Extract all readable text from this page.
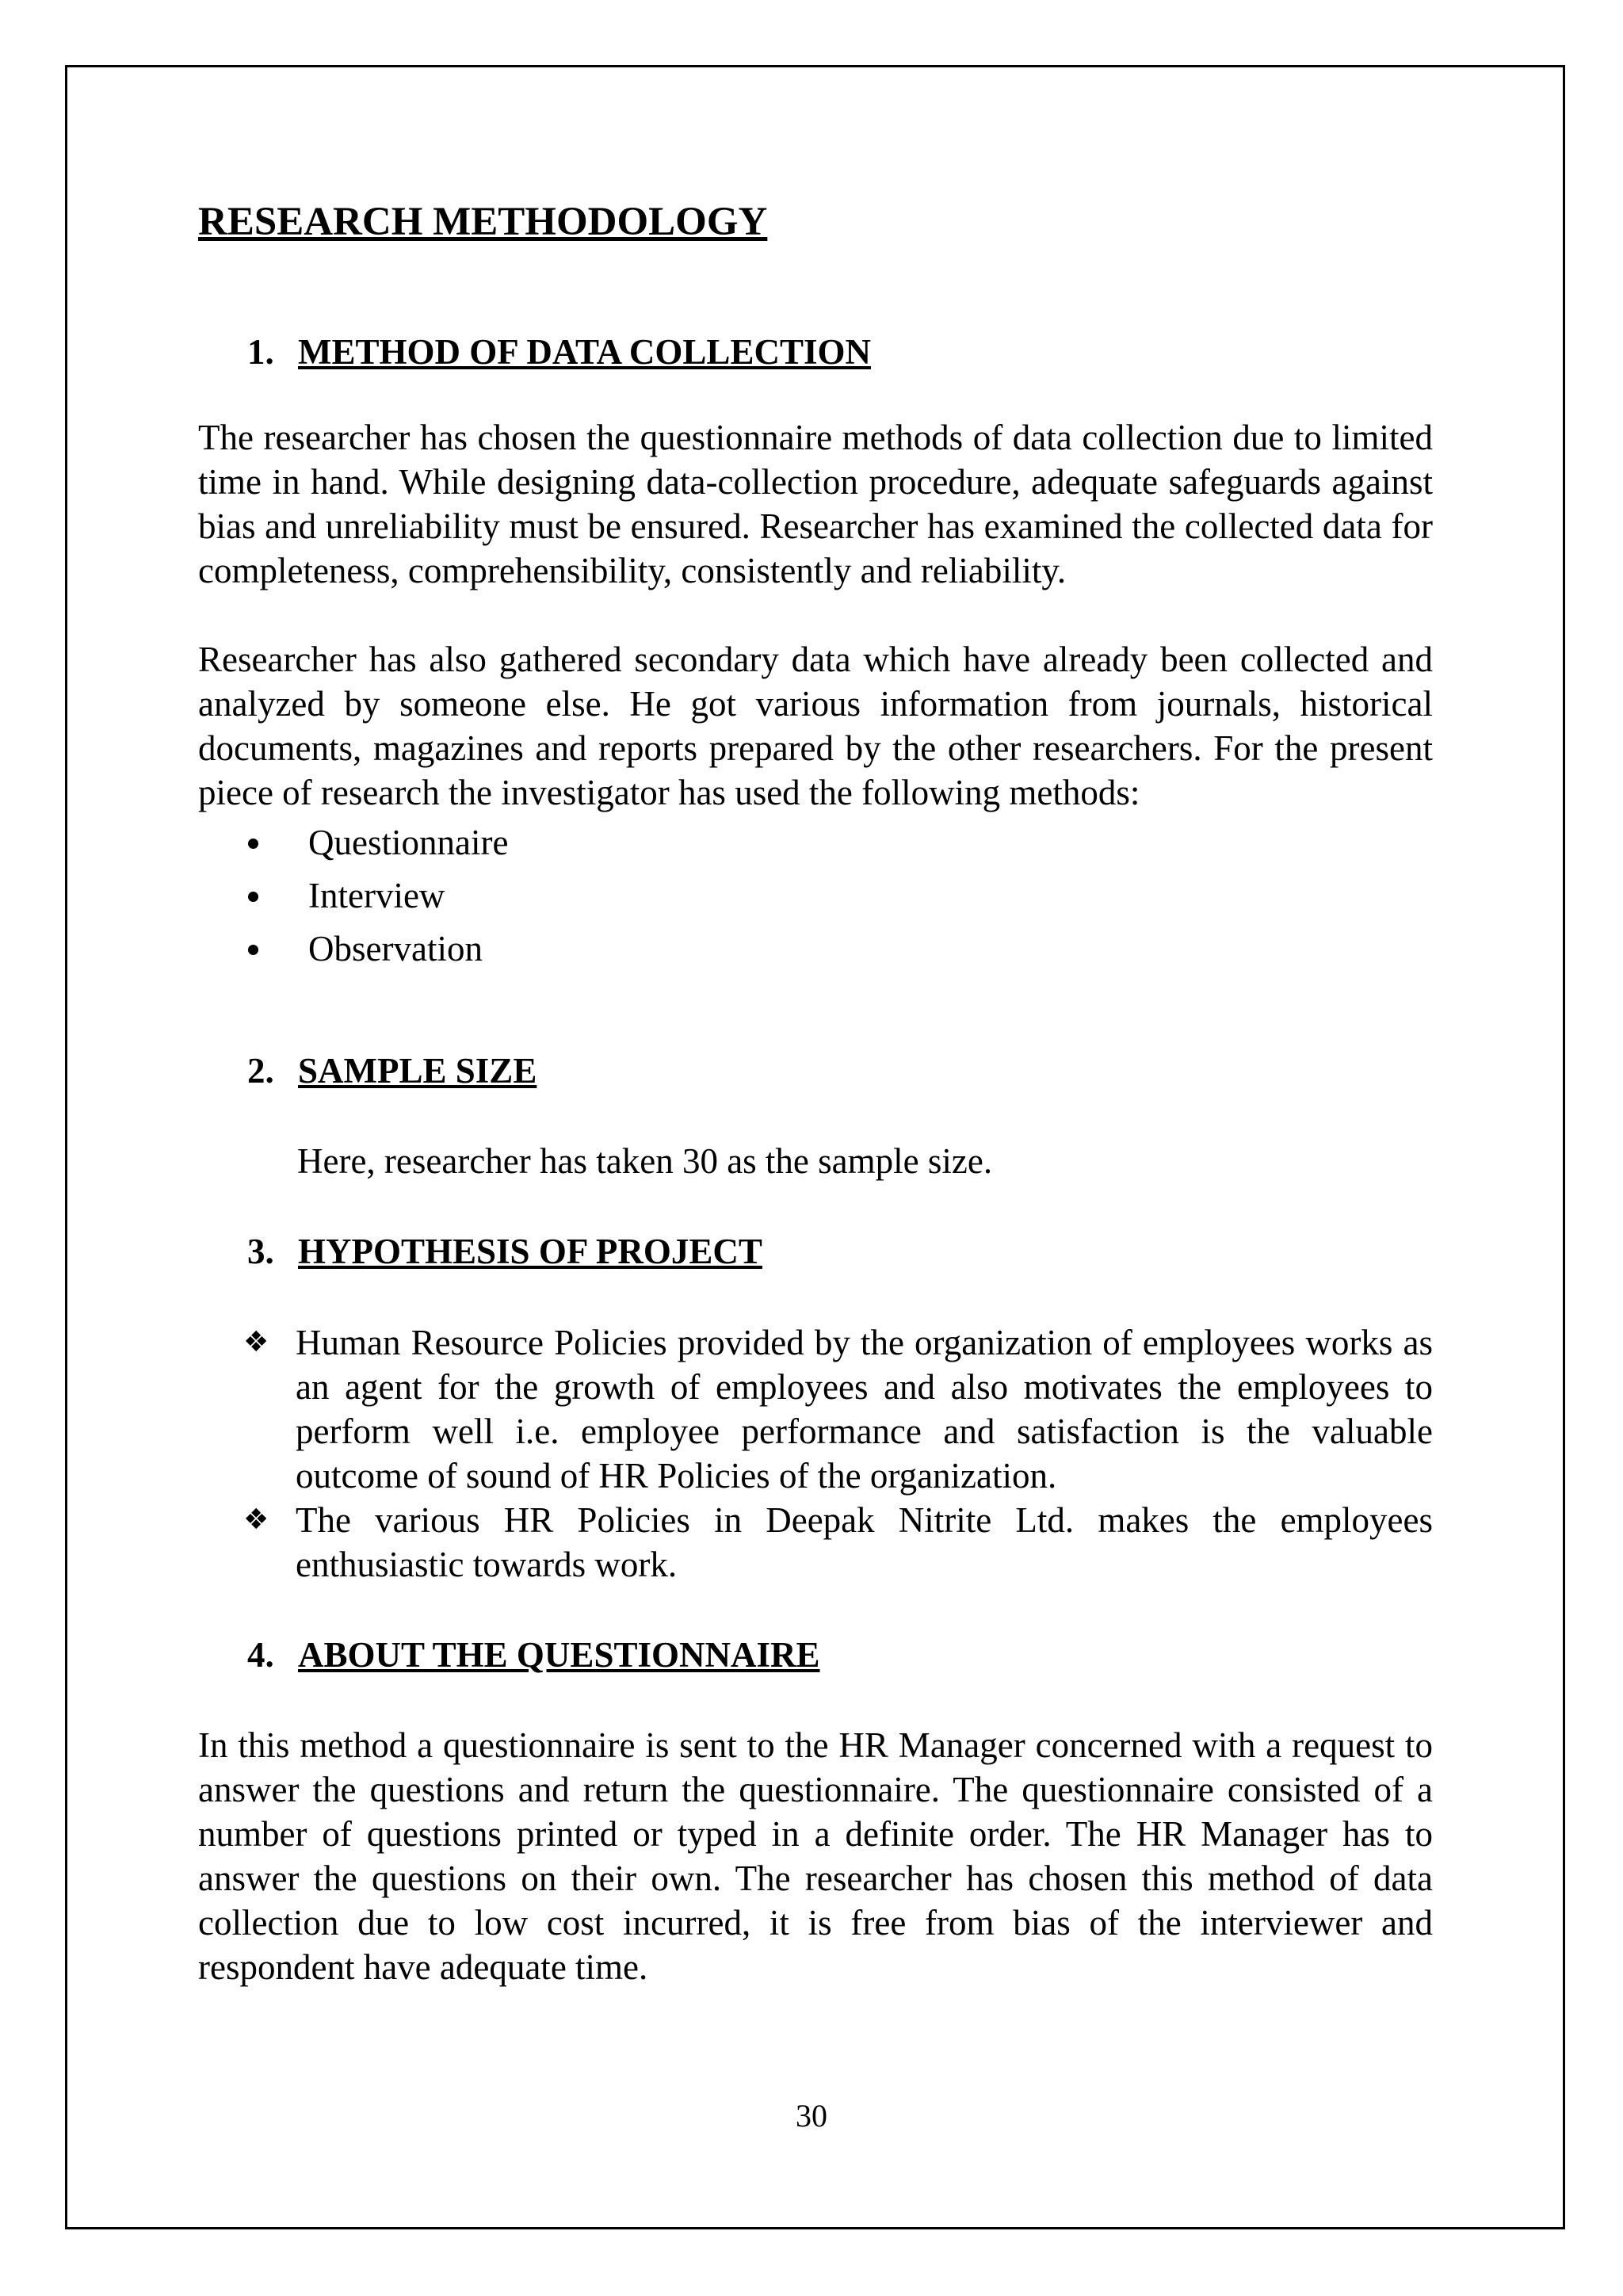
RESEARCH METHODOLOGY
1. METHOD OF DATA COLLECTION

The researcher has chosen the questionnaire methods of data collection due to limited time in hand. While designing data-collection procedure, adequate safeguards against bias and unreliability must be ensured. Researcher has examined the collected data for completeness, comprehensibility, consistently and reliability.

Researcher has also gathered secondary data which have already been collected and analyzed by someone else. He got various information from journals, historical documents, magazines and reports prepared by the other researchers. For the present piece of research the investigator has used the following methods:

Questionnaire
Interview
Observation
2. SAMPLE SIZE

Here, researcher has taken 30 as the sample size.

3. HYPOTHESIS OF PROJECT
❖ Human Resource Policies provided by the organization of employees works as an agent for the growth of employees and also motivates the employees to perform well i.e. employee performance and satisfaction is the valuable outcome of sound of HR Policies of the organization.
❖ The various HR Policies in Deepak Nitrite Ltd. makes the employees enthusiastic towards work.
4. ABOUT THE QUESTIONNAIRE

In this method a questionnaire is sent to the HR Manager concerned with a request to answer the questions and return the questionnaire. The questionnaire consisted of a number of questions printed or typed in a definite order. The HR Manager has to answer the questions on their own. The researcher has chosen this method of data collection due to low cost incurred, it is free from bias of the interviewer and respondent have adequate time.

30
